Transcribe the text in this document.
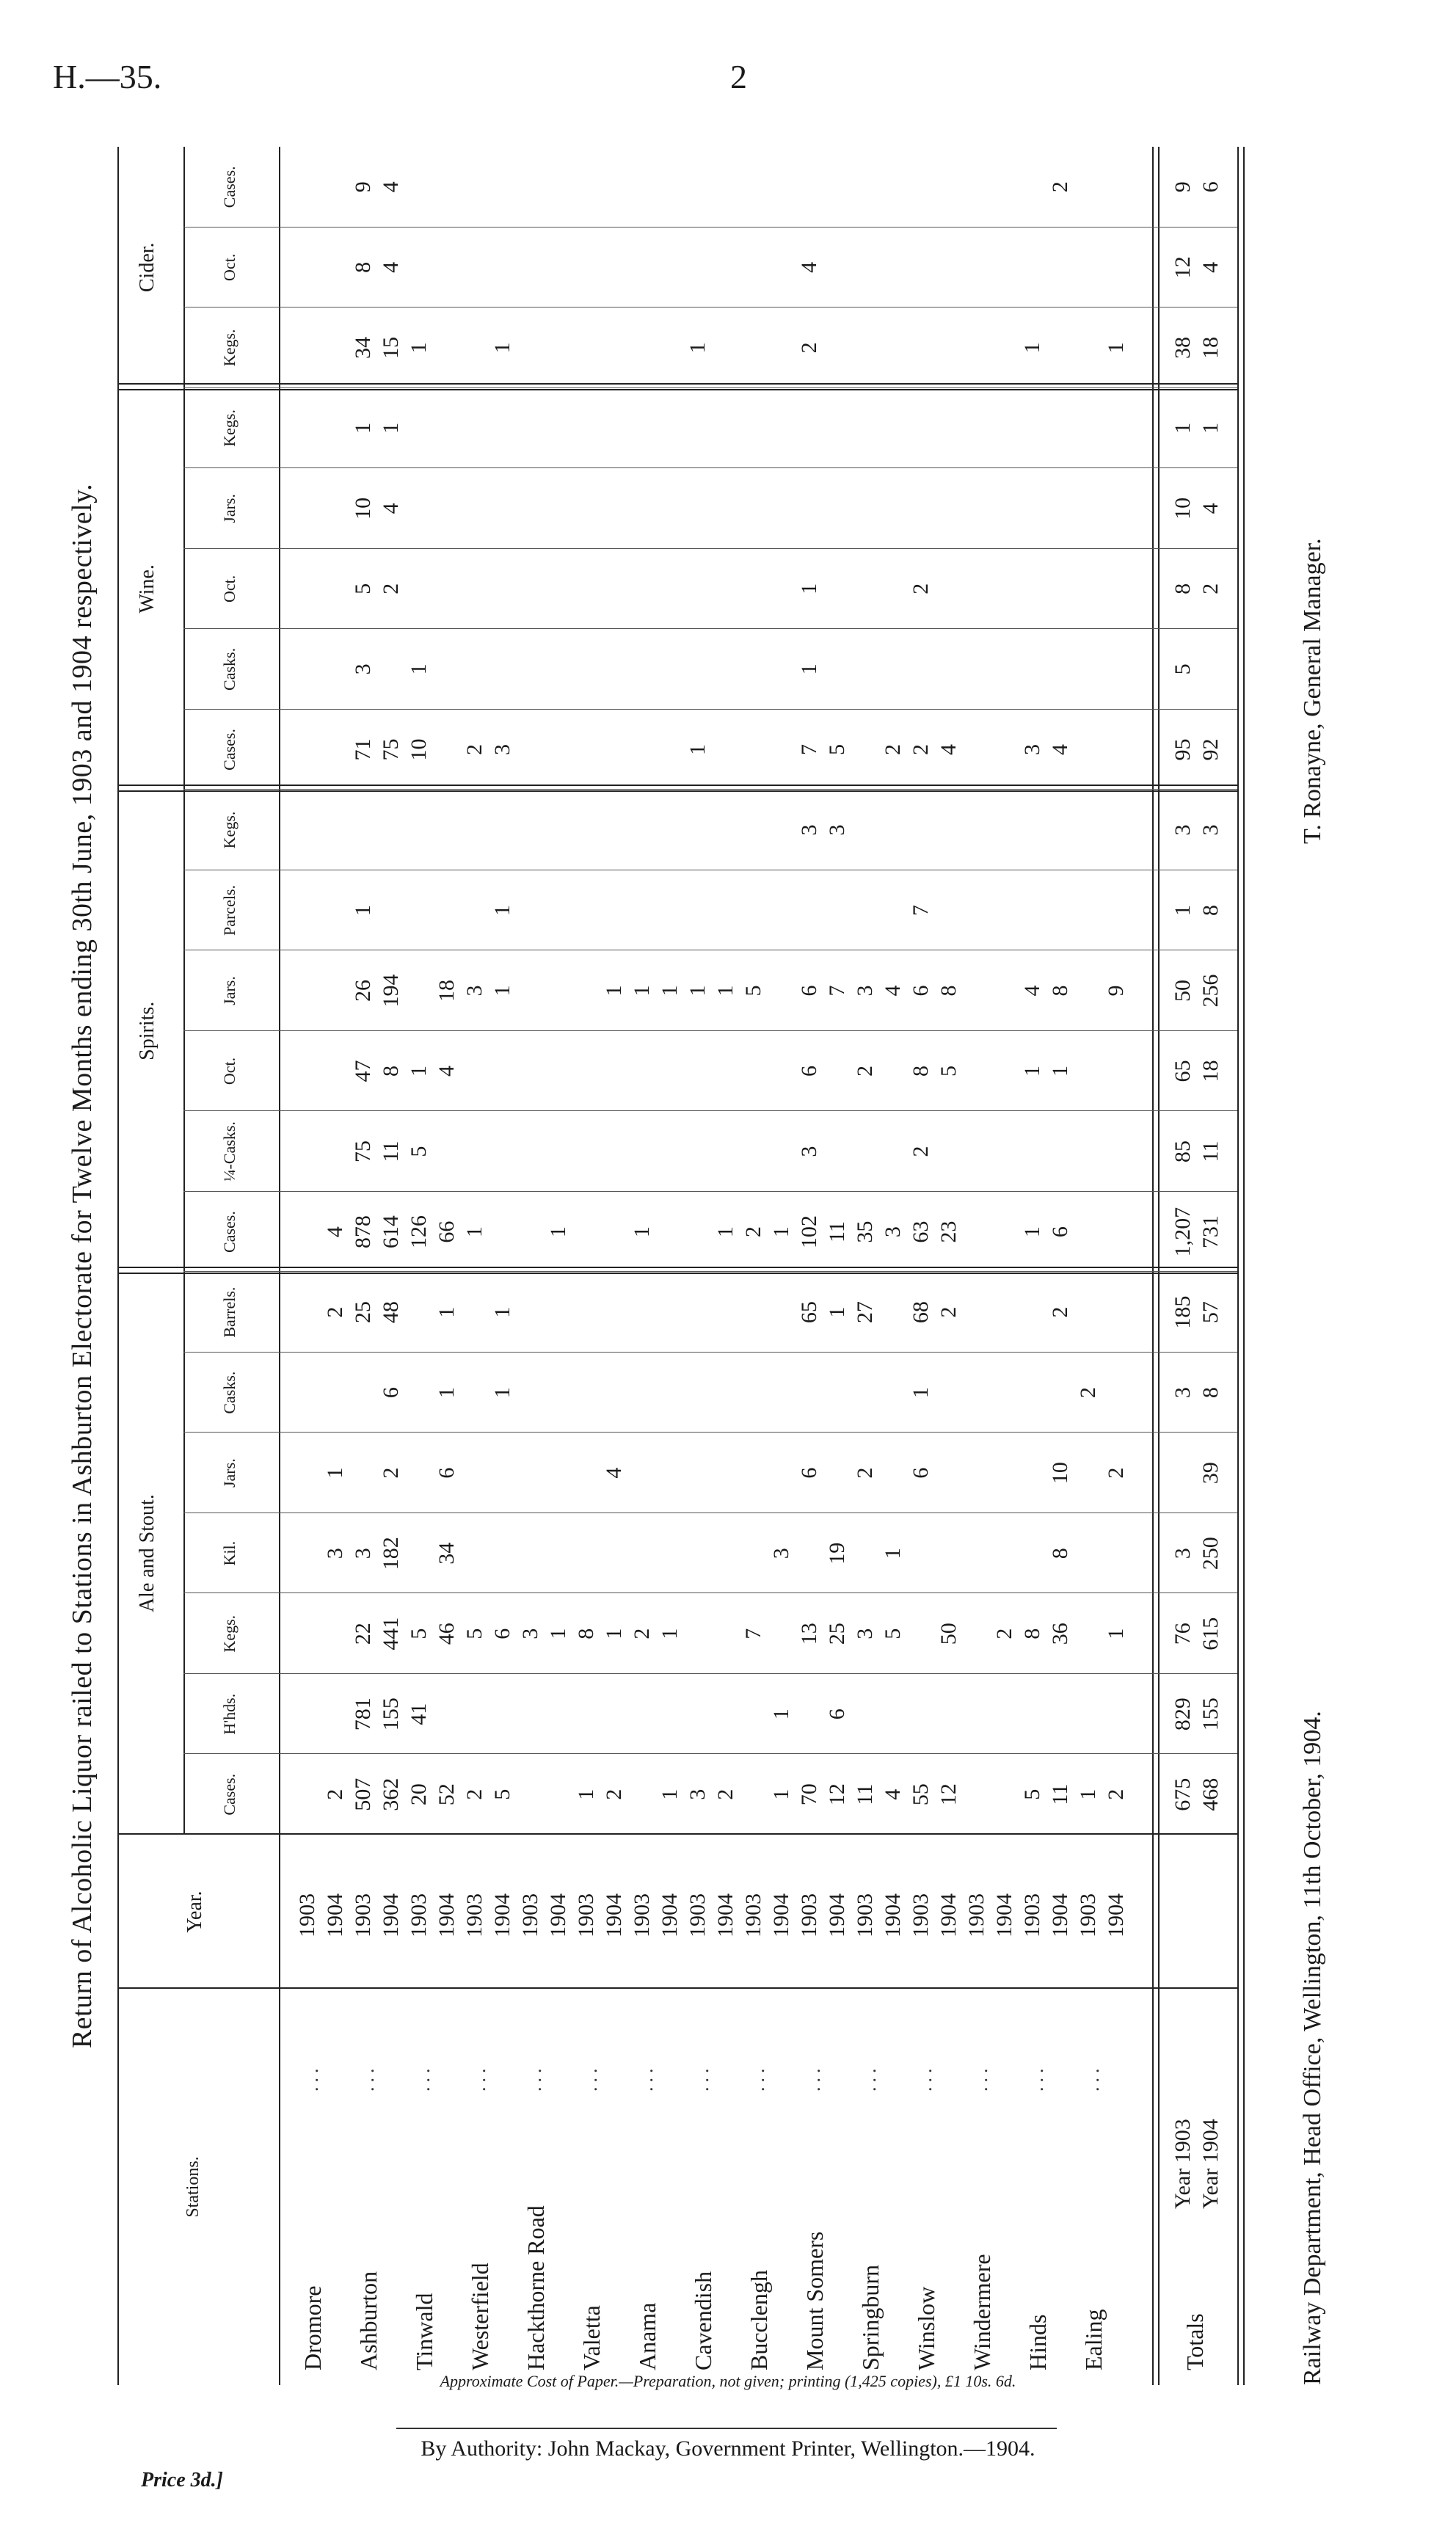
H.—35.	2
Return of Alcoholic Liquor railed to Stations in Ashburton Electorate for Twelve Months ending 30th June, 1903 and 1904 respectively. Ale and Stout.
Spirits.
Wine.
Cider.
Cases.
H'hds.
Kegs.
Kil.
Jars.
Casks.
Barrels.
Cases.
¼-Casks.
Oct.
Jars.
Parcels.
Kegs.
Cases.
Casks.
Oct.
Jars.
Kegs.
Kegs.
Oct.
Cases.
Stations.
Year.
Dromore
...
1903 1904
2
3
1
2
4
Ashburton
...
1903
507
781
22
3
25
878
75
47
26
1
71
3
5
10
1
34
8
9
1904
362
155
441
182
2
6
48
614
11
8
194
75
2
4
1
15
4
4
Tinwald
...
1903
20
41
5
126
5
1
10
1
1
1904
52
46
34
6
1
1
66
4
18
Westerfield
...
1903
2
5
1
3
2
1904
5
6
1
1
1
1
3
1
Hackthorne Road
...
1903
3
1904
1
1
Valetta
...
1903
1
8
1904
2
1
4
1
Anama
...
1903
2
1
1
1904
1
1
1
Cavendish
...
1903
3
1
1
1
1904
2
1
1
Bucclengh
...
1903
7
2
5
1904
1
1
3
1
Mount Somers
...
1903
70
13
6
65
102
3
6
6
3
7
1
1
2
4
1904
12
6
25
19
1
11
7
3
5
Springburn
...
1903
11
3
2
27
35
2
3
1904
4
5
1
3
4
2
Winslow
...
1903
55
6
1
68
63
2
8
6
7
2
2
1904
12
50
2
23
5
8
4
Windermere
...
1903 1904
2
Hinds
...
1903
5
8
1
1
4
3
1
1904
11
36
8
10
2
6
1
8
4
2
Ealing
...
1903
1
2
1904
2
1
2
9
1
Totals
Year 1903
675
829
76
3
3
185
1,207
85
65
50
1
3
95
5
8
10
1
38
12
9
Year 1904
468
155
615
250
39
8
57
731
11
18
256
8
3
92
2
4
1
18
4
6
Railway Department, Head Office, Wellington, 11th October, 1904.
T. Ronayne, General Manager.
Approximate Cost of Paper.—Preparation, not given; printing (1,425 copies), £1 10s. 6d.
By Authority: John Mackay, Government Printer, Wellington.—1904.
Price 3d.]
